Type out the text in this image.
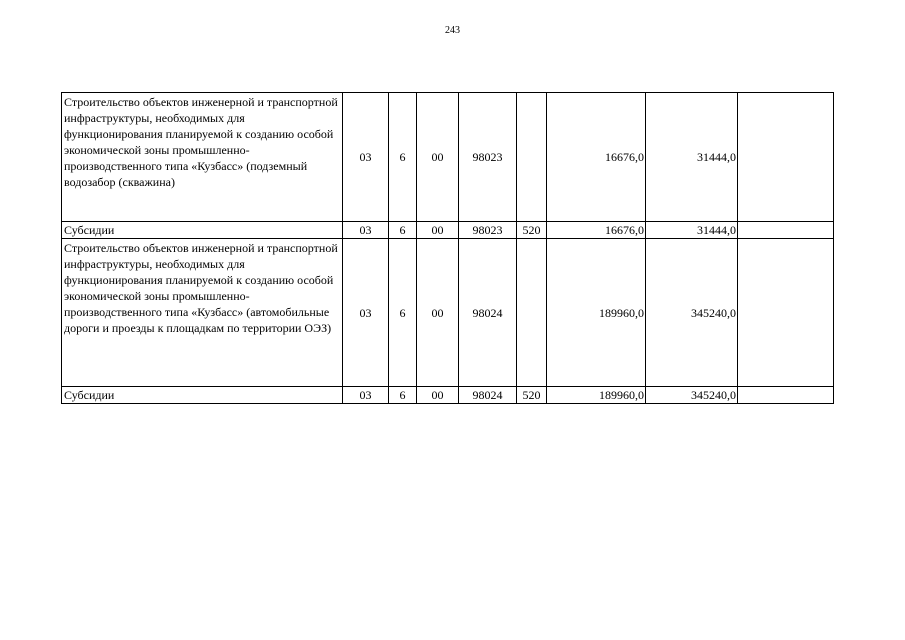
243
Строительство объектов инженерной и транспортной инфраструктуры, необходимых для функционирования планируемой к созданию особой экономической зоны промышленно-производственного типа «Кузбасс» (подземный водозабор (скважина)	03	6	00	98023		16676,0	31444,0	
Субсидии	03	6	00	98023	520	16676,0	31444,0	
Строительство объектов инженерной и транспортной инфраструктуры, необходимых для функционирования планируемой к созданию особой экономической зоны промышленно-производственного типа «Кузбасс» (автомобильные дороги и проезды к площадкам по территории ОЭЗ)	03	6	00	98024		189960,0	345240,0	
Субсидии	03	6	00	98024	520	189960,0	345240,0	
